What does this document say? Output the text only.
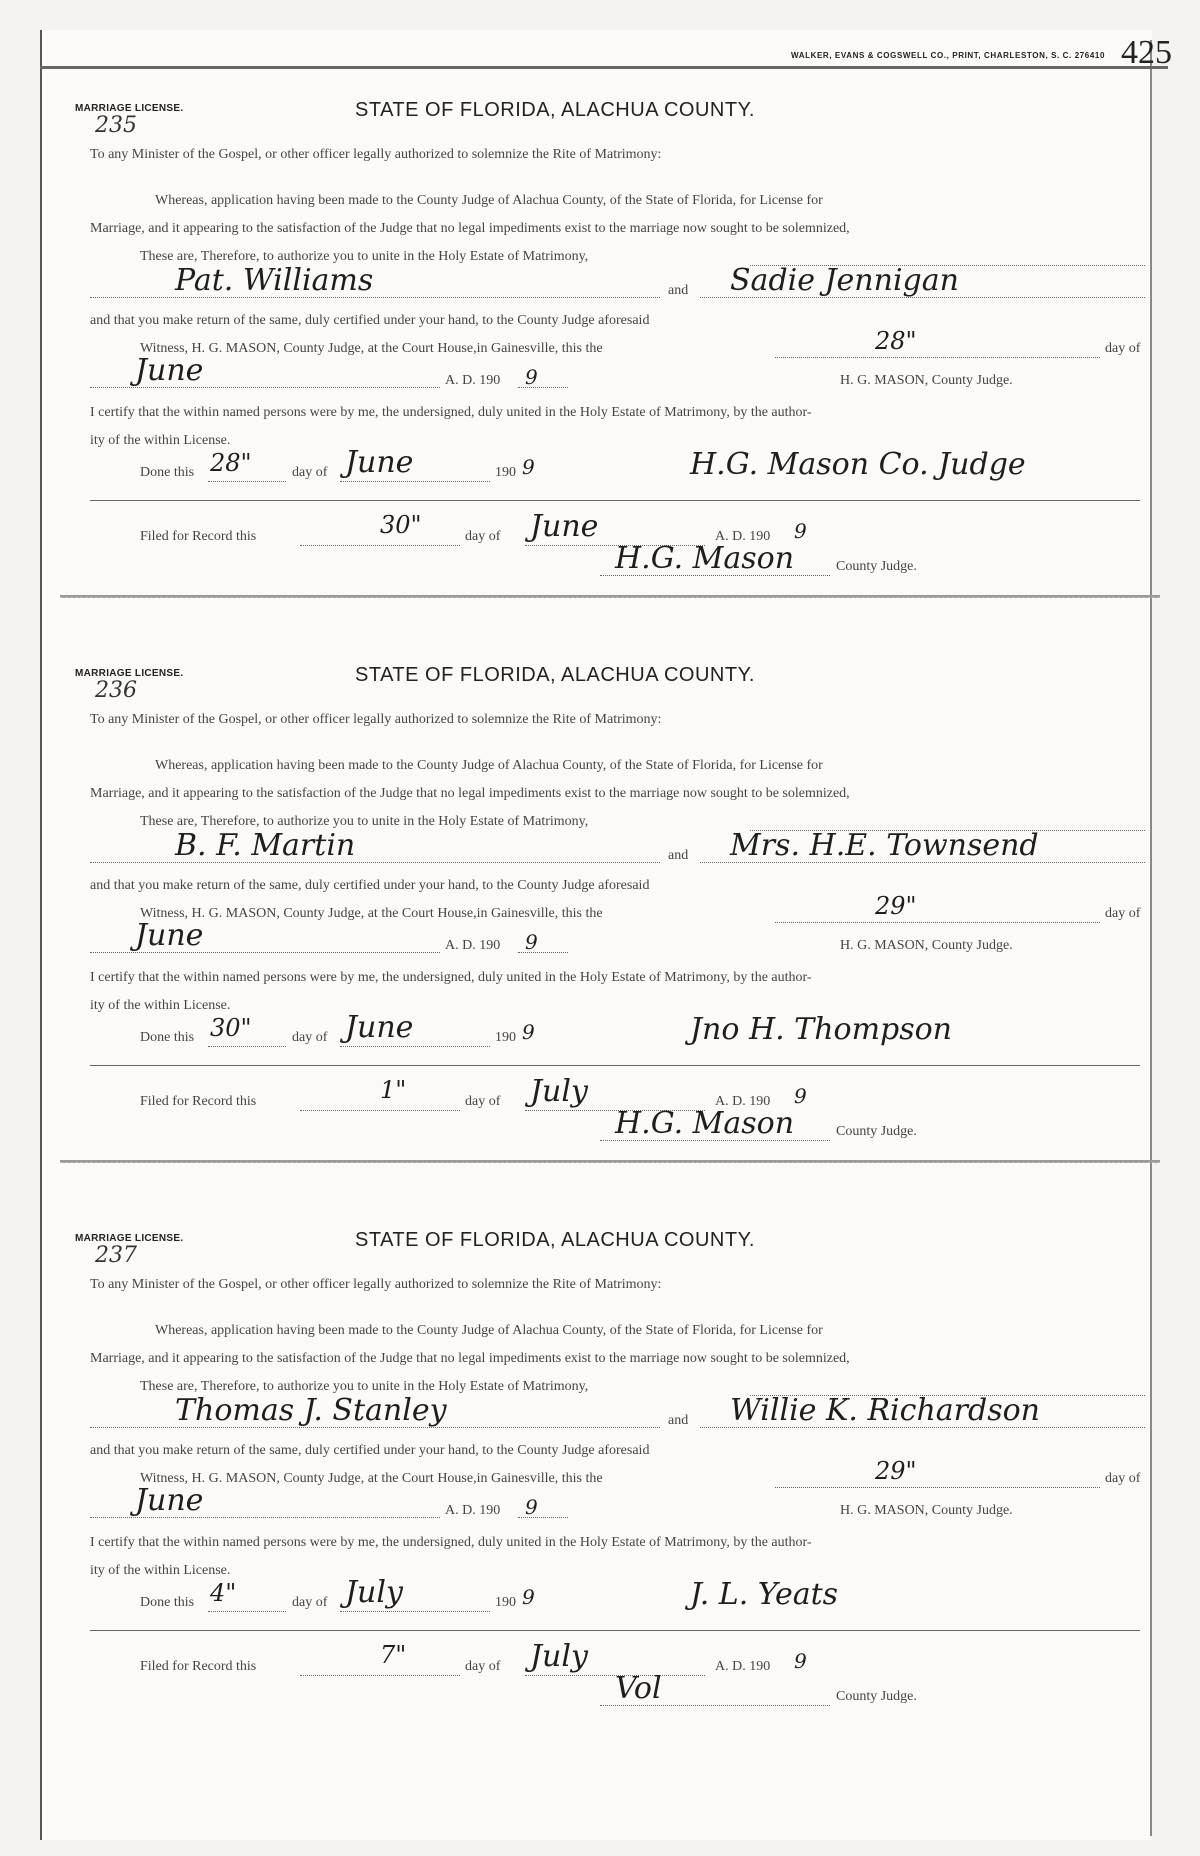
WALKER, EVANS & COGSWELL CO., PRINT, CHARLESTON, S. C. 276410 425
MARRIAGE LICENSE.
235
STATE OF FLORIDA, ALACHUA COUNTY.
To any Minister of the Gospel, or other officer legally authorized to solemnize the Rite of Matrimony:
Whereas, application having been made to the County Judge of Alachua County, of the State of Florida, for License for
Marriage, and it appearing to the satisfaction of the Judge that no legal impediments exist to the marriage now sought to be solemnized,
These are, Therefore, to authorize you to unite in the Holy Estate of Matrimony,
Pat. Williams	and Sadie Jennigan
and that you make return of the same, duly certified under your hand, to the County Judge aforesaid
Witness, H. G. MASON, County Judge, at the Court House,in Gainesville, this the	28"	day of
June	A. D. 190 9	H. G. MASON, County Judge.
I certify that the within named persons were by me, the undersigned, duly united in the Holy Estate of Matrimony, by the author-
ity of the within License.
Done this 28"	day of June	190 9	H.G. Mason Co. Judge
Filed for Record this	30"	day of June	A. D. 190 9
H.G. Mason	County Judge.
MARRIAGE LICENSE.
236
STATE OF FLORIDA, ALACHUA COUNTY.
To any Minister of the Gospel, or other officer legally authorized to solemnize the Rite of Matrimony:
Whereas, application having been made to the County Judge of Alachua County, of the State of Florida, for License for
Marriage, and it appearing to the satisfaction of the Judge that no legal impediments exist to the marriage now sought to be solemnized,
These are, Therefore, to authorize you to unite in the Holy Estate of Matrimony,
B. F. Martin	and Mrs. H.E. Townsend
and that you make return of the same, duly certified under your hand, to the County Judge aforesaid
Witness, H. G. MASON, County Judge, at the Court House,in Gainesville, this the	29"	day of
June	A. D. 190 9	H. G. MASON, County Judge.
I certify that the within named persons were by me, the undersigned, duly united in the Holy Estate of Matrimony, by the author-
ity of the within License.
Done this 30"	day of June	190 9	Jno H. Thompson
Filed for Record this	1"	day of July	A. D. 190 9
H.G. Mason	County Judge.
MARRIAGE LICENSE.
237
STATE OF FLORIDA, ALACHUA COUNTY.
To any Minister of the Gospel, or other officer legally authorized to solemnize the Rite of Matrimony:
Whereas, application having been made to the County Judge of Alachua County, of the State of Florida, for License for
Marriage, and it appearing to the satisfaction of the Judge that no legal impediments exist to the marriage now sought to be solemnized,
These are, Therefore, to authorize you to unite in the Holy Estate of Matrimony,
Thomas J. Stanley	and Willie K. Richardson
and that you make return of the same, duly certified under your hand, to the County Judge aforesaid
Witness, H. G. MASON, County Judge, at the Court House,in Gainesville, this the	29"	day of
June	A. D. 190 9	H. G. MASON, County Judge.
I certify that the within named persons were by me, the undersigned, duly united in the Holy Estate of Matrimony, by the author-
ity of the within License.
Done this 4"	day of July	190 9	J. L. Yeats
Filed for Record this	7"	day of July	A. D. 190 9
Vol	County Judge.
